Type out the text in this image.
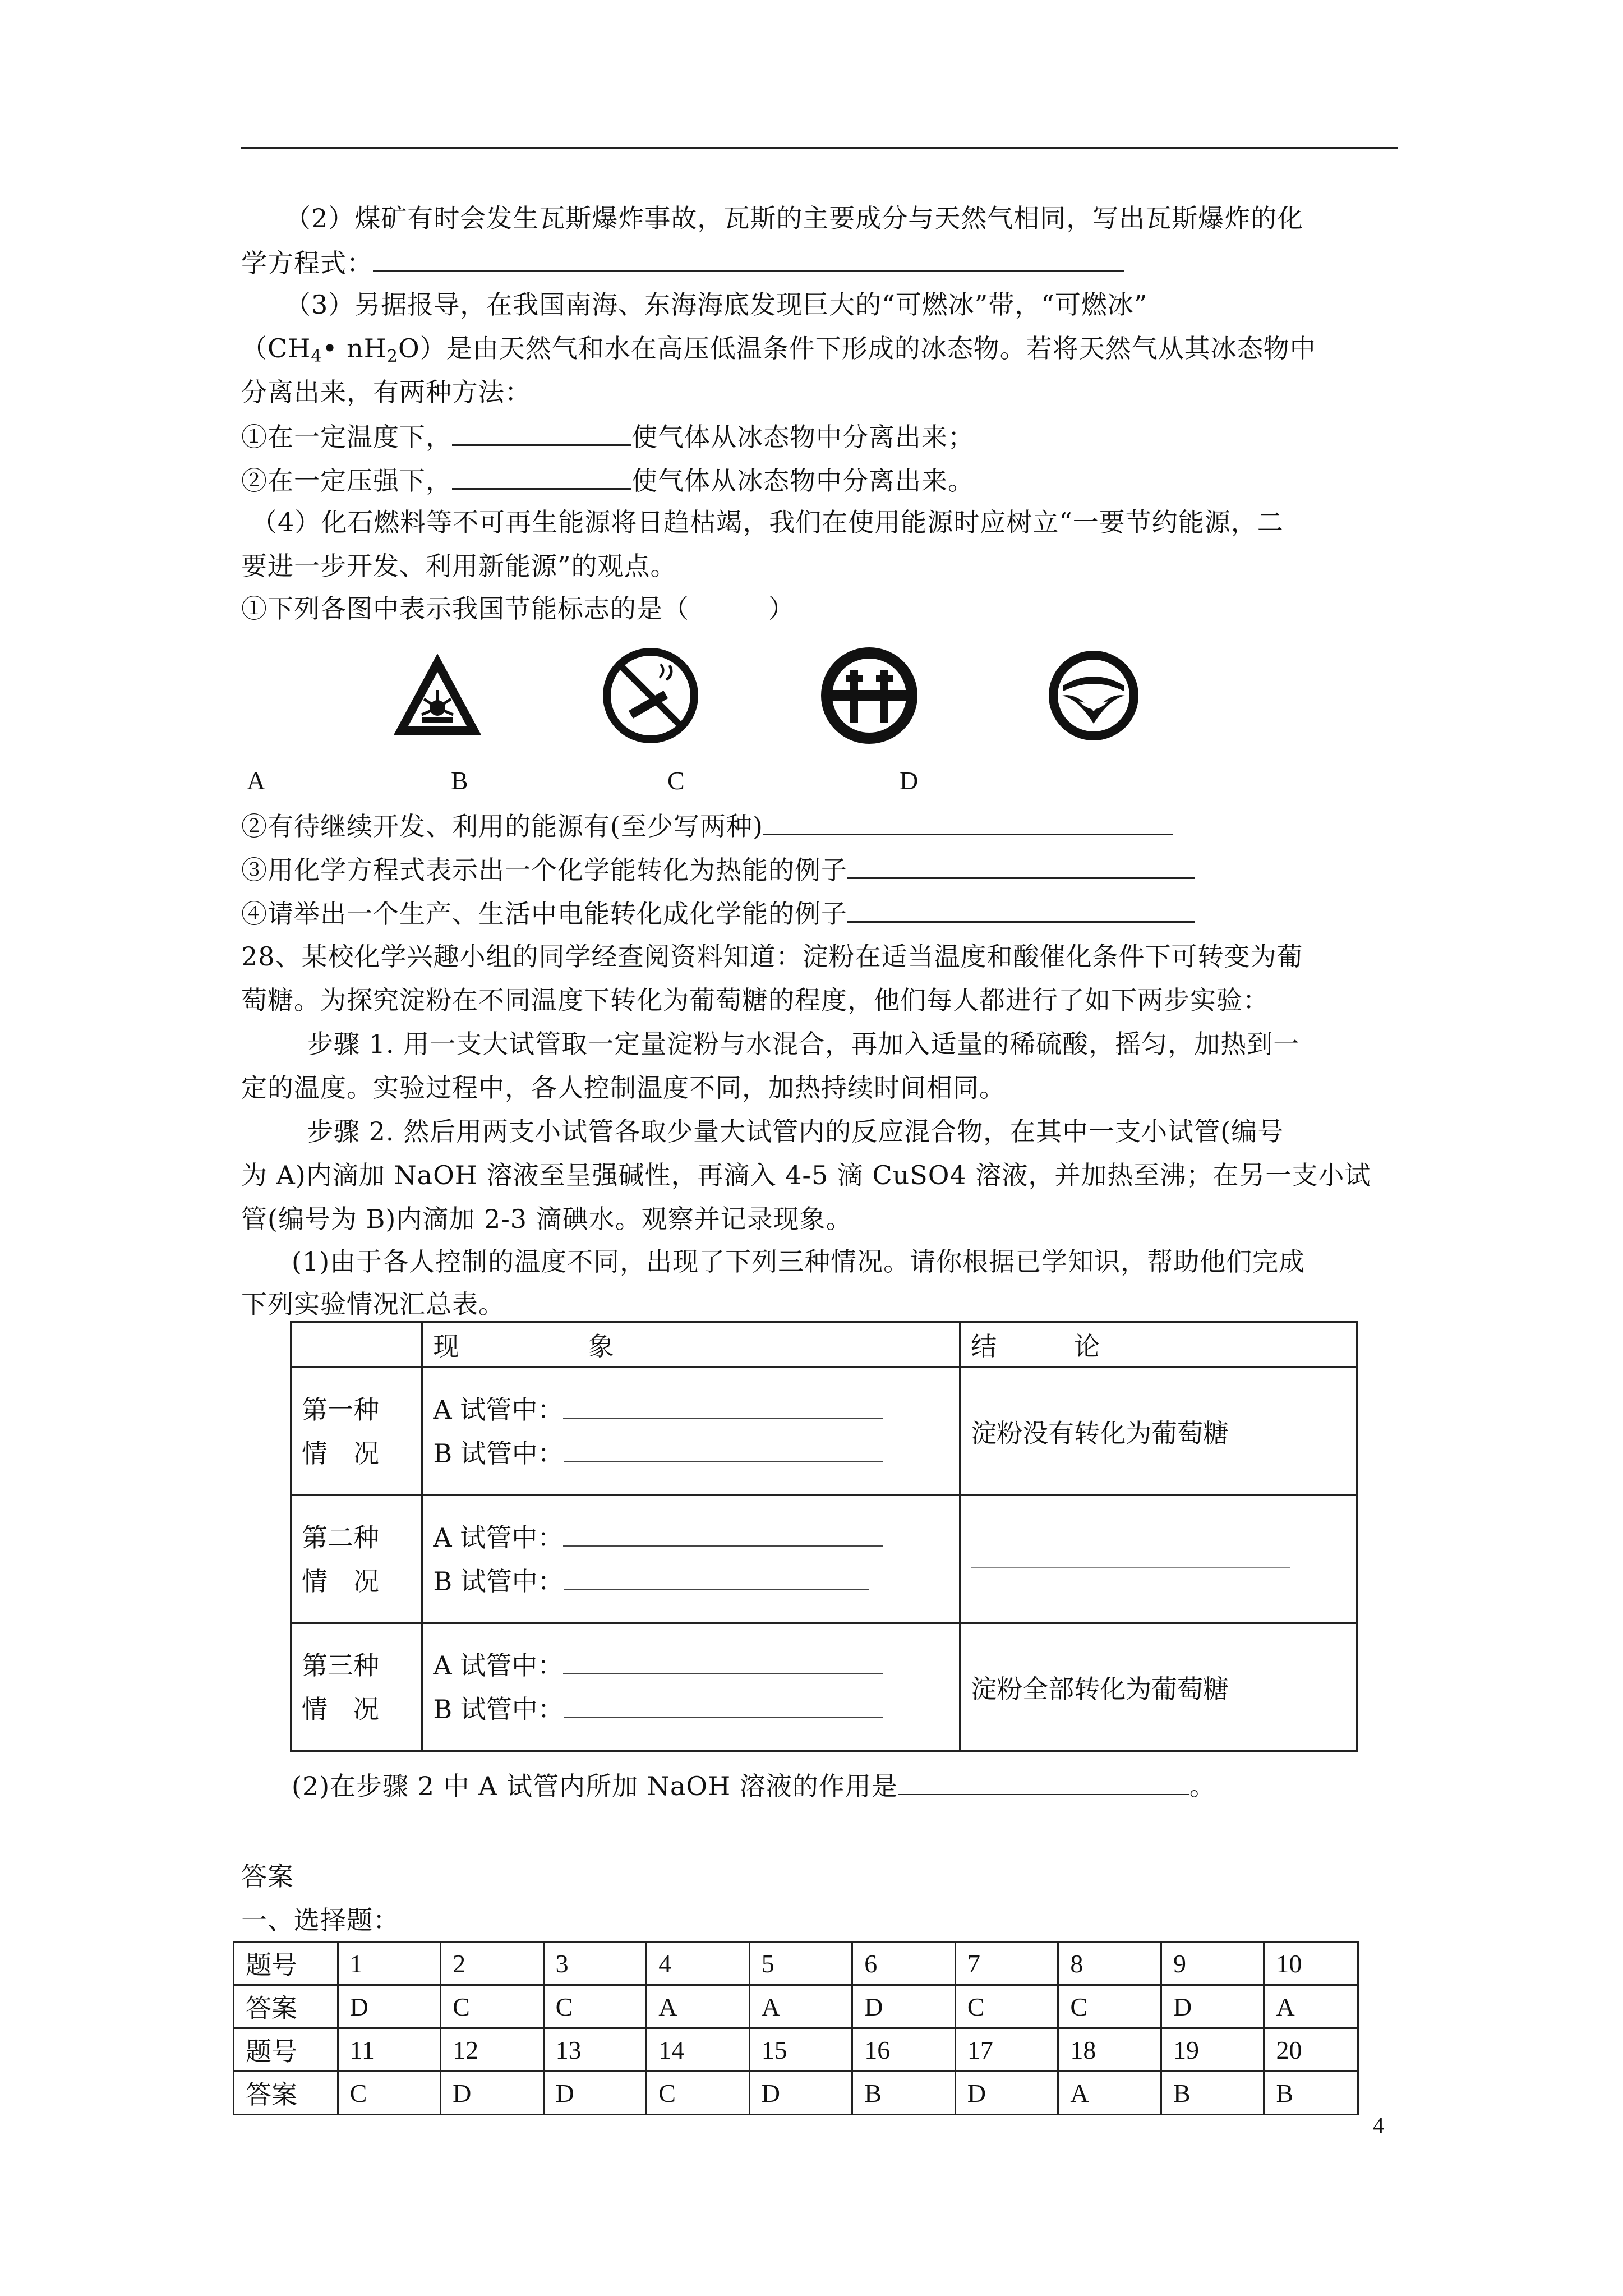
（2）煤矿有时会发生瓦斯爆炸事故，瓦斯的主要成分与天然气相同，写出瓦斯爆炸的化
学方程式：
（3）另据报导，在我国南海、东海海底发现巨大的“可燃冰”带，“可燃冰”
（$CH_4•$ $nH_2O$）是由天然气和水在高压低温条件下形成的冰态物。若将天然气从其冰态物中
分离出来，有两种方法：
①在一定温度下，	使气体从冰态物中分离出来；
②在一定压强下，	使气体从冰态物中分离出来。
（4）化石燃料等不可再生能源将日趋枯竭，我们在使用能源时应树立“一要节约能源，二
要进一步开发、利用新能源”的观点。
①下列各图中表示我国节能标志的是（　　　）
A	B	C	D
②有待继续开发、利用的能源有(至少写两种)
③用化学方程式表示出一个化学能转化为热能的例子
④请举出一个生产、生活中电能转化成化学能的例子
28、某校化学兴趣小组的同学经查阅资料知道：淀粉在适当温度和酸催化条件下可转变为葡
萄糖。为探究淀粉在不同温度下转化为葡萄糖的程度，他们每人都进行了如下两步实验：
步骤 1. 用一支大试管取一定量淀粉与水混合，再加入适量的稀硫酸，摇匀，加热到一
定的温度。实验过程中，各人控制温度不同，加热持续时间相同。
步骤 2. 然后用两支小试管各取少量大试管内的反应混合物，在其中一支小试管(编号
为 A)内滴加 NaOH 溶液至呈强碱性，再滴入 4-5 滴 CuSO4 溶液，并加热至沸；在另一支小试
管(编号为 B)内滴加 2-3 滴碘水。观察并记录现象。
(1)由于各人控制的温度不同，出现了下列三种情况。请你根据已学知识，帮助他们完成
下列实验情况汇总表。
	现　　　　　象	结　　　论

第一种
情　况	A 试管中：
B 试管中：	淀粉没有转化为葡萄糖

第二种
情　况	A 试管中：
B 试管中：	

第三种
情　况	A 试管中：
B 试管中：	淀粉全部转化为葡萄糖
(2)在步骤 2 中 A 试管内所加 NaOH 溶液的作用是	。
答案
一、选择题：
题号	1	2	3	4	5	6	7	8	9	10
答案	D	C	C	A	A	D	C	C	D	A
题号	11	12	13	14	15	16	17	18	19	20
答案	C	D	D	C	D	B	D	A	B	B
4
